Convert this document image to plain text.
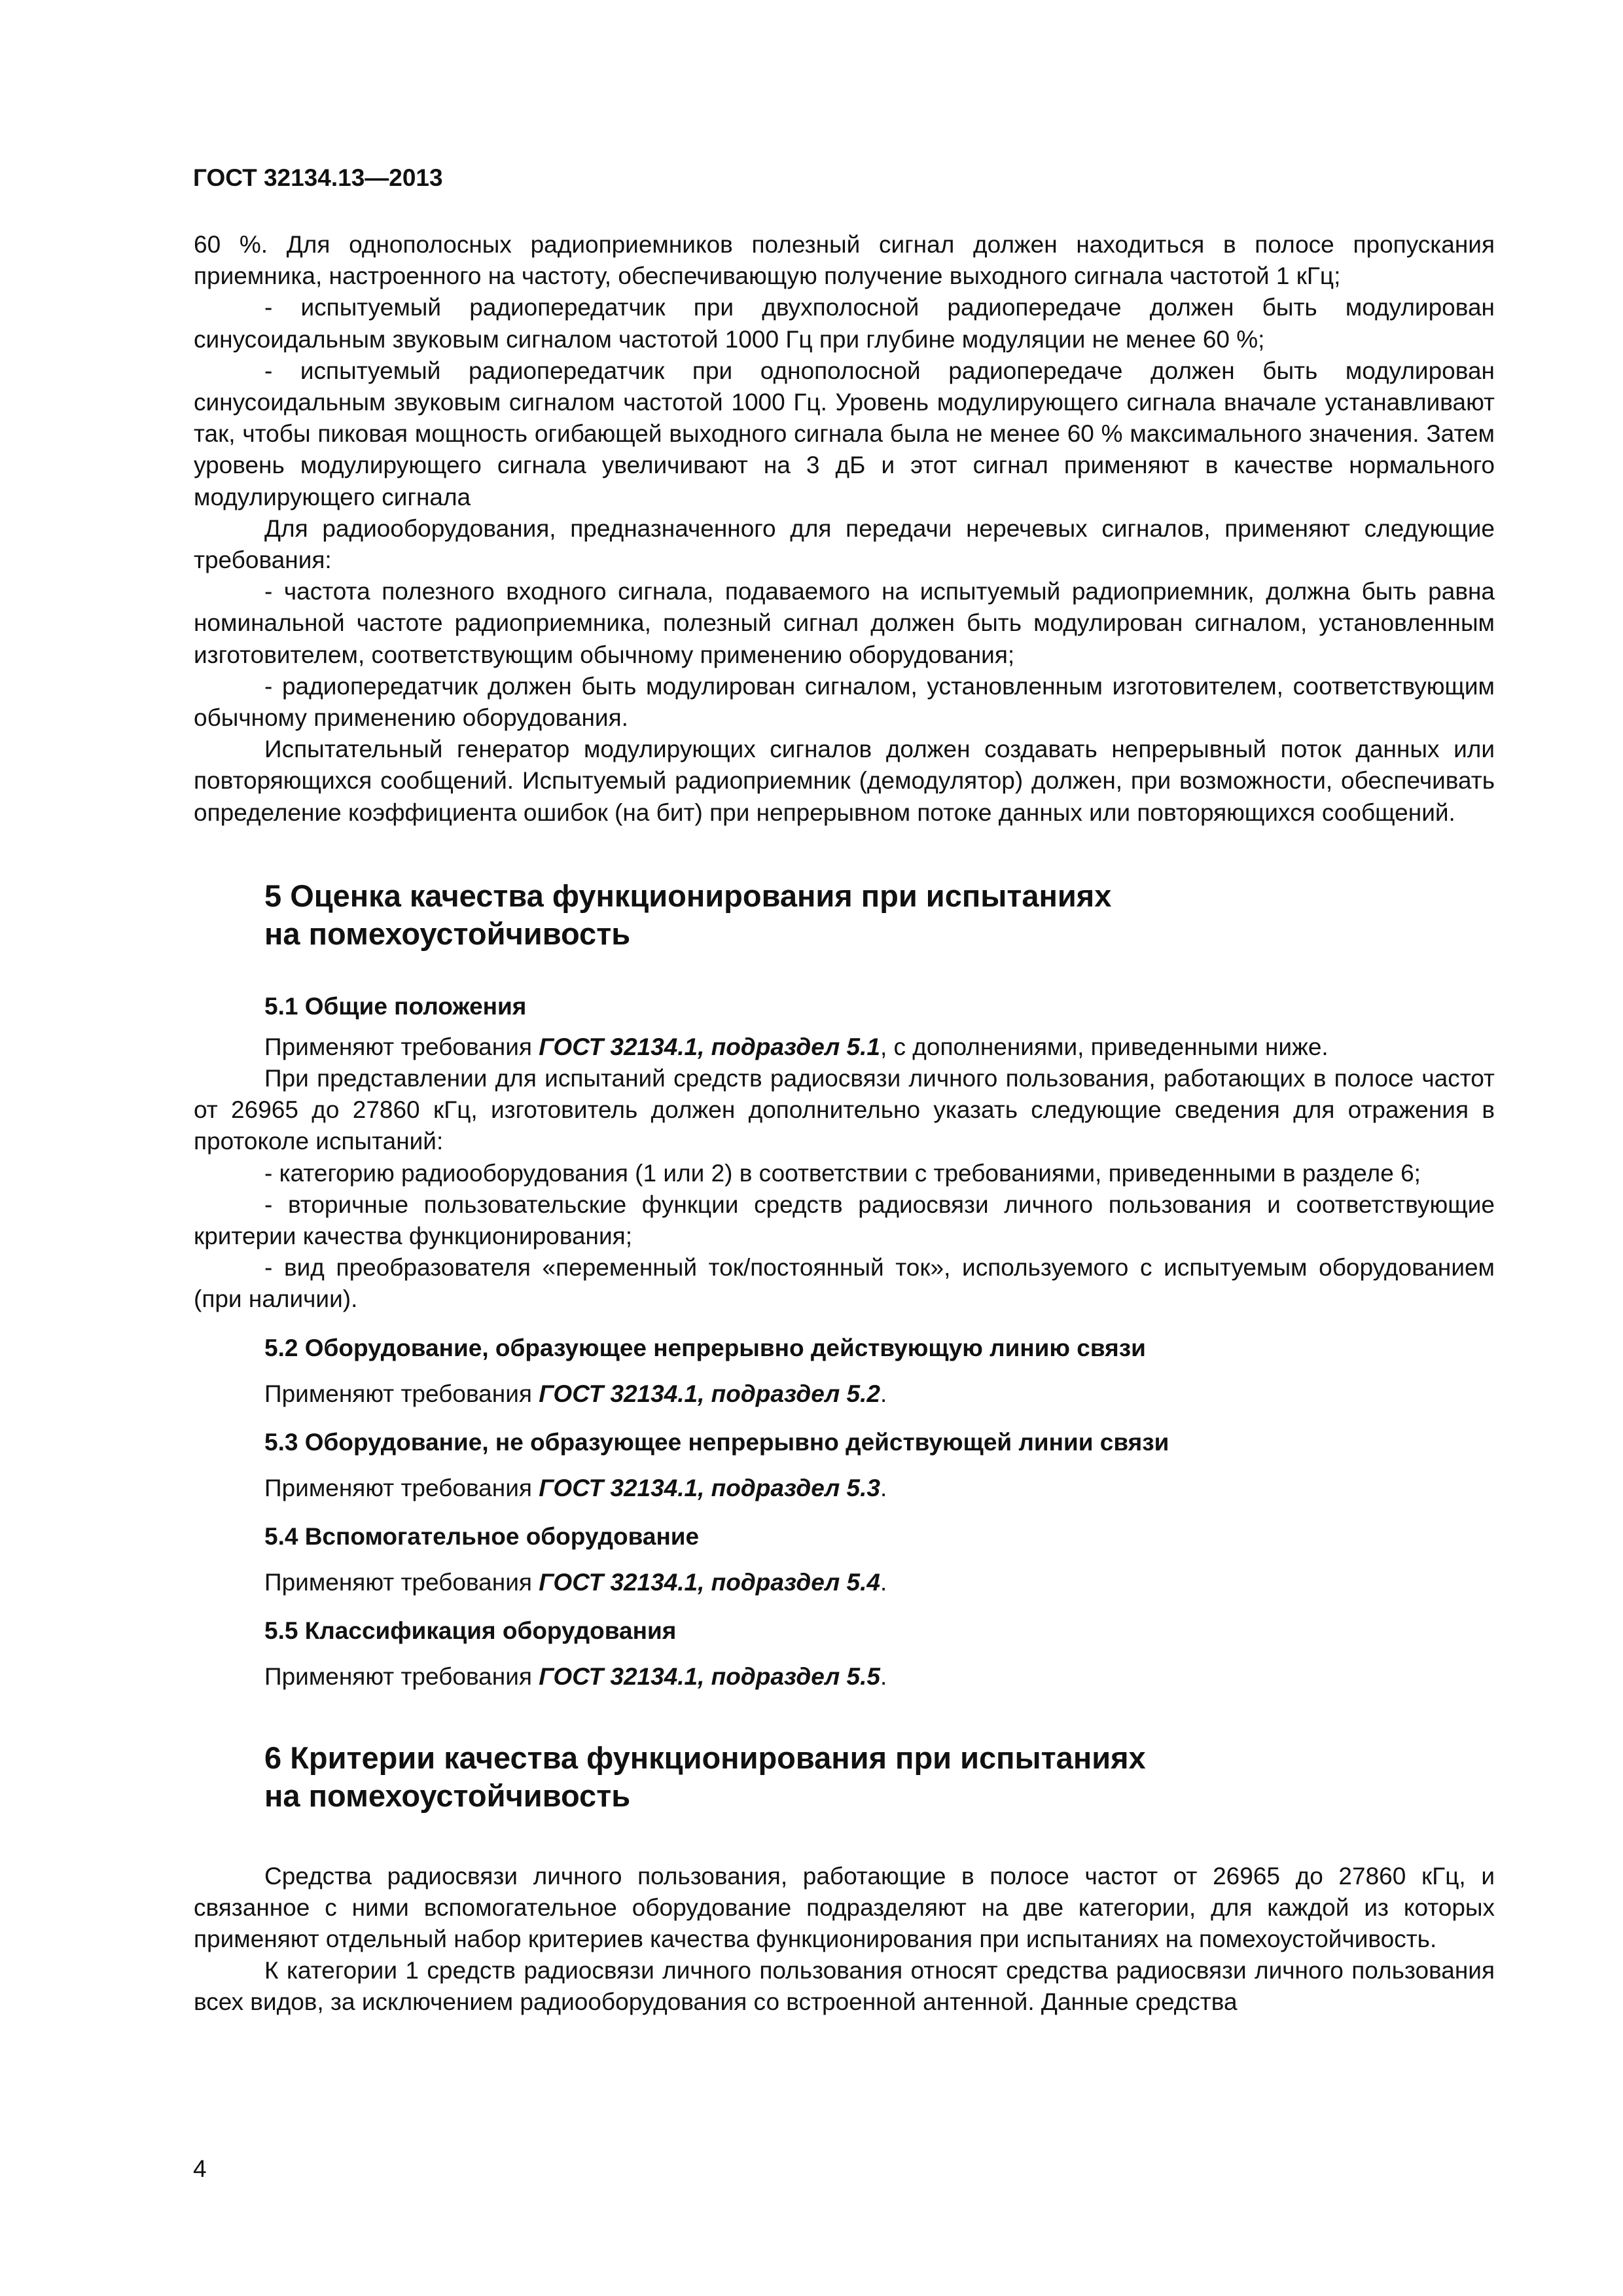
ГОСТ 32134.13—2013

60 %. Для однополосных радиоприемников полезный сигнал должен находиться в полосе пропускания приемника, настроенного на частоту, обеспечивающую получение выходного сигнала частотой 1 кГц;

- испытуемый радиопередатчик при двухполосной радиопередаче должен быть модулирован синусоидальным звуковым сигналом частотой 1000 Гц при глубине модуляции не менее 60 %;

- испытуемый радиопередатчик при однополосной радиопередаче должен быть модулирован синусоидальным звуковым сигналом частотой 1000 Гц. Уровень модулирующего сигнала вначале устанавливают так, чтобы пиковая мощность огибающей выходного сигнала была не менее 60 % максимального значения. Затем уровень модулирующего сигнала увеличивают на 3 дБ и этот сигнал применяют в качестве нормального модулирующего сигнала

Для радиооборудования, предназначенного для передачи неречевых сигналов, применяют следующие требования:

- частота полезного входного сигнала, подаваемого на испытуемый радиоприемник, должна быть равна номинальной частоте радиоприемника, полезный сигнал должен быть модулирован сигналом, установленным изготовителем, соответствующим обычному применению оборудования;

- радиопередатчик должен быть модулирован сигналом, установленным изготовителем, соответствующим обычному применению оборудования.

Испытательный генератор модулирующих сигналов должен создавать непрерывный поток данных или повторяющихся сообщений. Испытуемый радиоприемник (демодулятор) должен, при возможности, обеспечивать определение коэффициента ошибок (на бит) при непрерывном потоке данных или повторяющихся сообщений.

5 Оценка качества функционирования при испытаниях
на помехоустойчивость

5.1 Общие положения

Применяют требования ГОСТ 32134.1, подраздел 5.1, с дополнениями, приведенными ниже.

При представлении для испытаний средств радиосвязи личного пользования, работающих в полосе частот от 26965 до 27860 кГц, изготовитель должен дополнительно указать следующие сведения для отражения в протоколе испытаний:

- категорию радиооборудования (1 или 2) в соответствии с требованиями, приведенными в разделе 6;

- вторичные пользовательские функции средств радиосвязи личного пользования и соответствующие критерии качества функционирования;

- вид преобразователя «переменный ток/постоянный ток», используемого с испытуемым оборудованием (при наличии).

5.2 Оборудование, образующее непрерывно действующую линию связи

Применяют требования ГОСТ 32134.1, подраздел 5.2.

5.3 Оборудование, не образующее непрерывно действующей линии связи

Применяют требования ГОСТ 32134.1, подраздел 5.3.

5.4 Вспомогательное оборудование

Применяют требования ГОСТ 32134.1, подраздел 5.4.

5.5 Классификация оборудования

Применяют требования ГОСТ 32134.1, подраздел 5.5.

6 Критерии качества функционирования при испытаниях
на помехоустойчивость

Средства радиосвязи личного пользования, работающие в полосе частот от 26965 до 27860 кГц, и связанное с ними вспомогательное оборудование подразделяют на две категории, для каждой из которых применяют отдельный набор критериев качества функционирования при испытаниях на помехоустойчивость.

К категории 1 средств радиосвязи личного пользования относят средства радиосвязи личного пользования всех видов, за исключением радиооборудования со встроенной антенной. Данные средства

4
